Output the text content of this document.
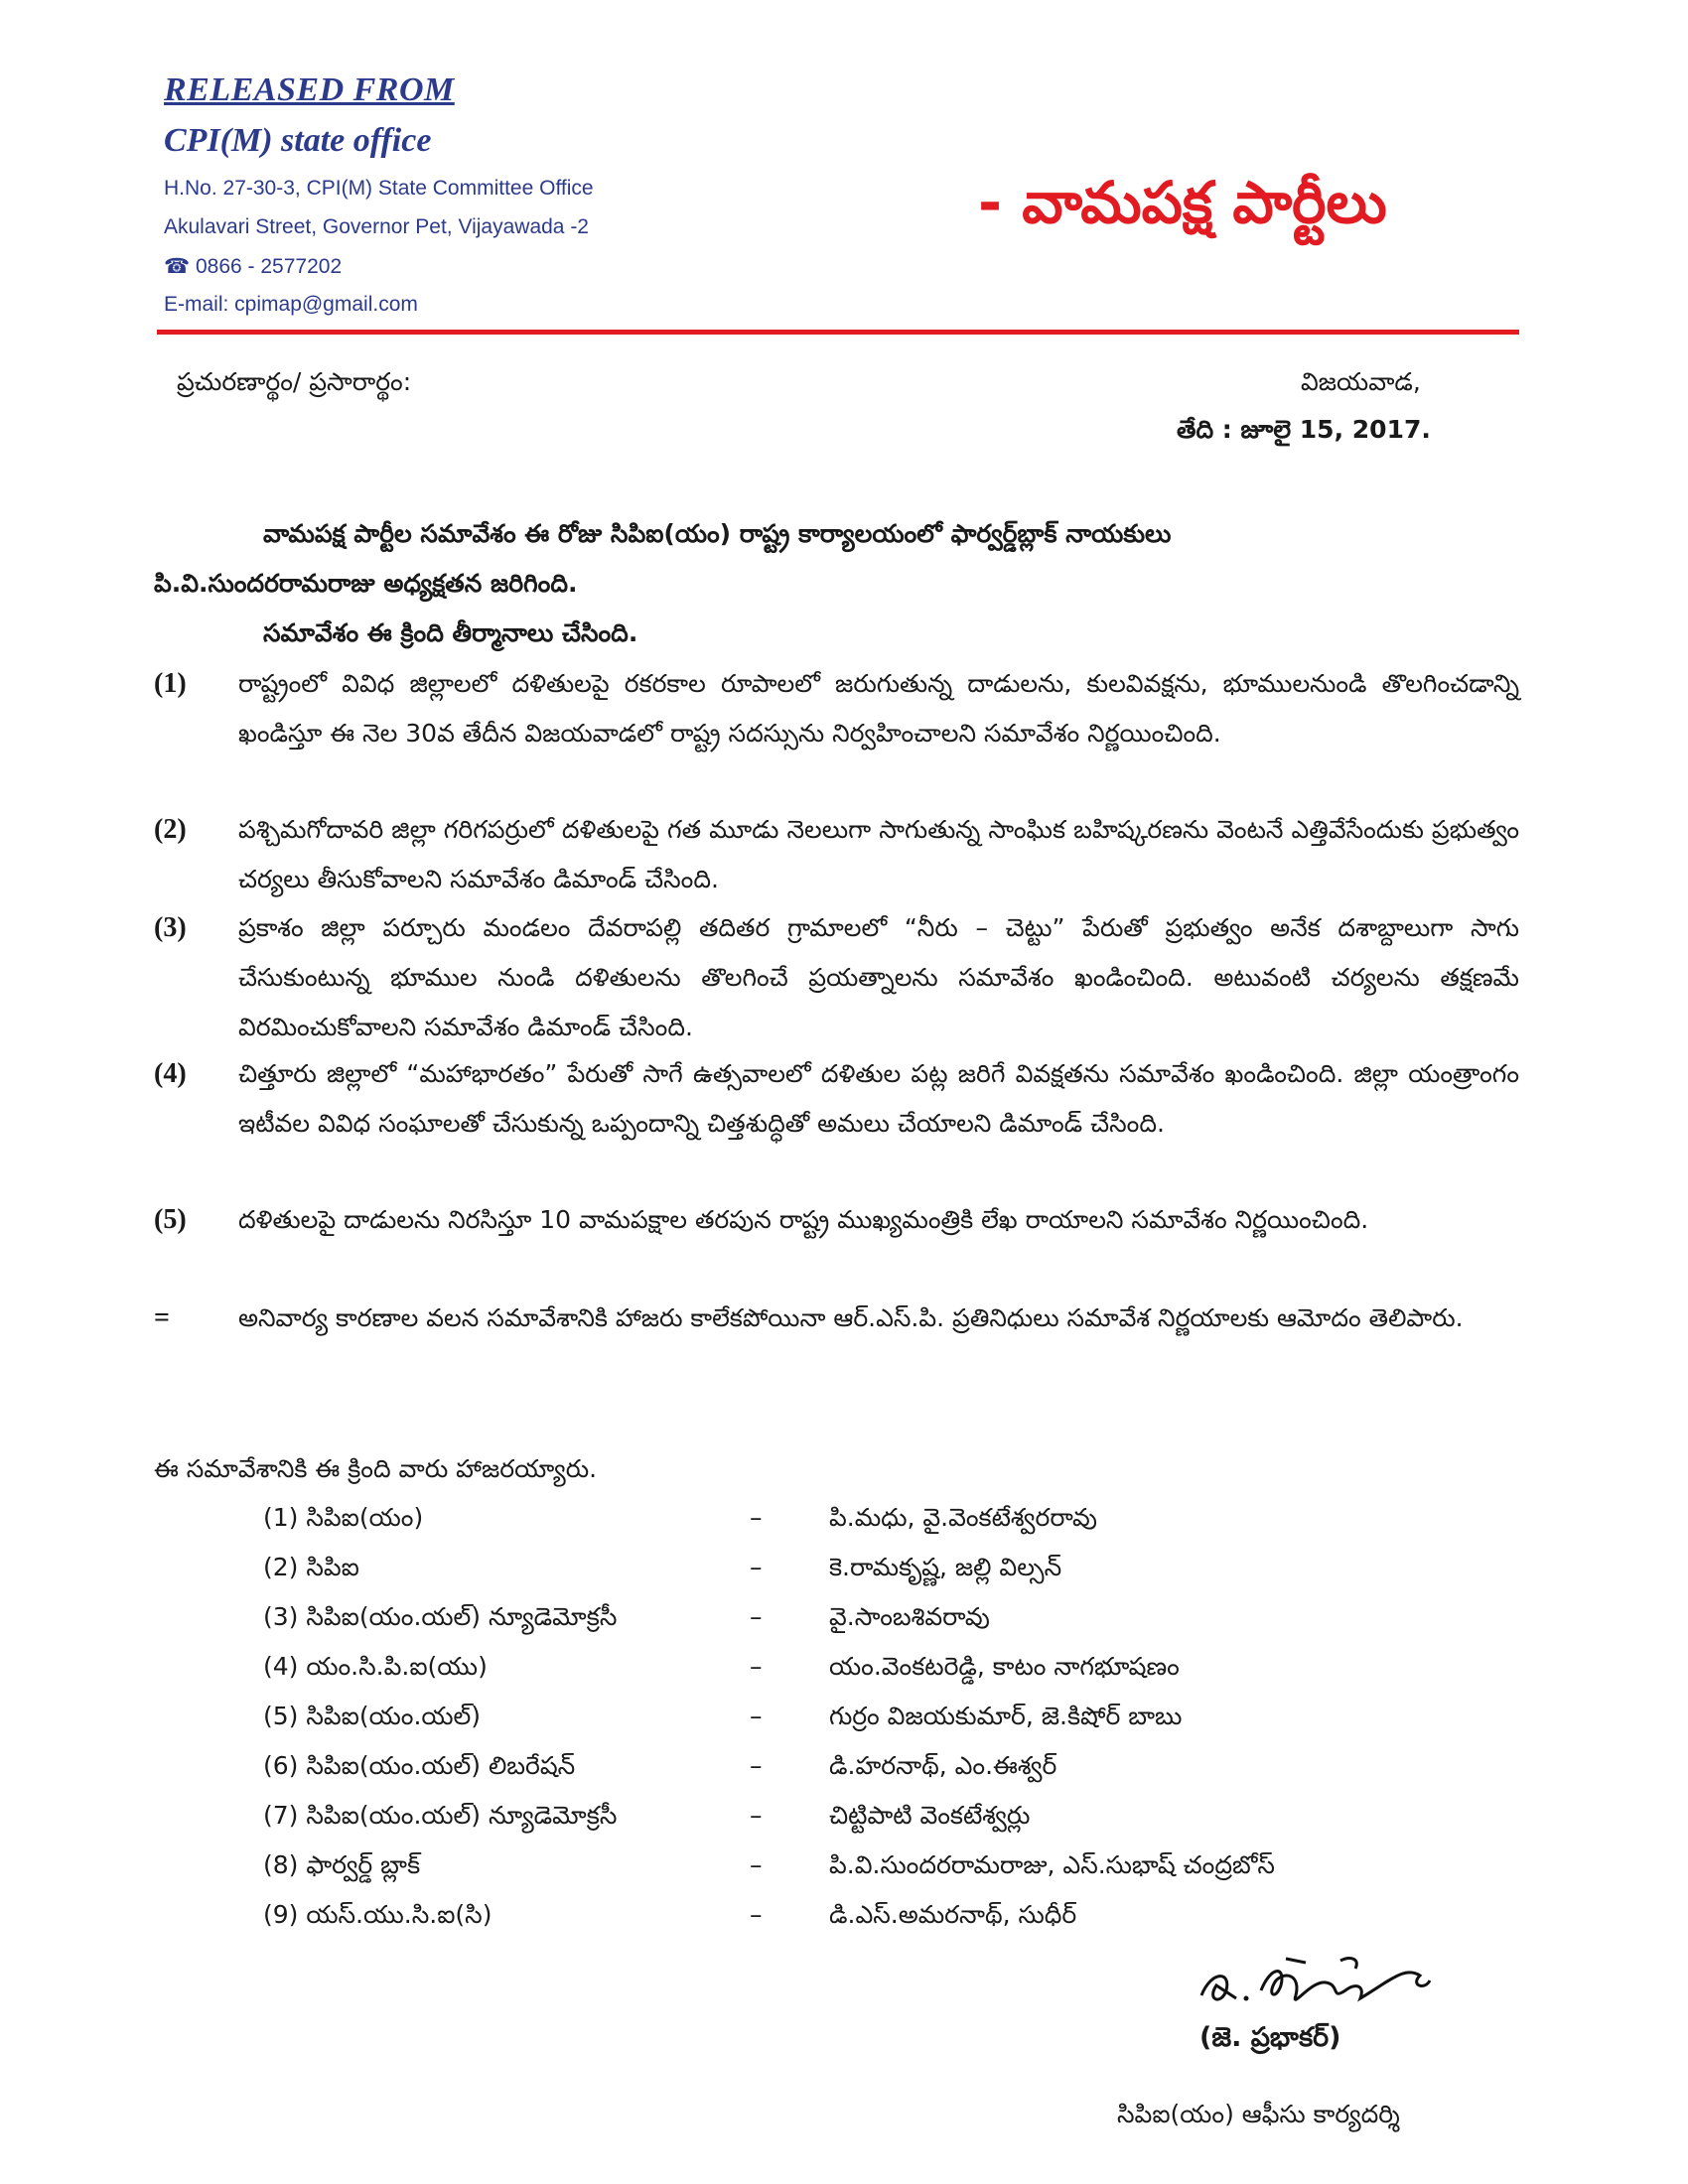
RELEASED FROM
CPI(M) state office
H.No. 27-30-3, CPI(M) State Committee Office
Akulavari Street, Governor Pet, Vijayawada -2
☎ 0866 - 2577202
E-mail: cpimap@gmail.com
- వామపక్ష పార్టీలు
ప్రచురణార్థం/ ప్రసారార్థం:	విజయవాడ,
తేది : జూలై 15, 2017.
వామపక్ష పార్టీల సమావేశం ఈ రోజు సిపిఐ(యం) రాష్ట్ర కార్యాలయంలో ఫార్వర్డ్‌బ్లాక్ నాయకులు
పి.వి.సుందరరామరాజు అధ్యక్షతన జరిగింది.
సమావేశం ఈ క్రింది తీర్మానాలు చేసింది.
(1) రాష్ట్రంలో వివిధ జిల్లాలలో దళితులపై రకరకాల రూపాలలో జరుగుతున్న దాడులను, కులవివక్షను, భూములనుండి తొలగించడాన్ని ఖండిస్తూ ఈ నెల 30వ తేదీన విజయవాడలో రాష్ట్ర సదస్సును నిర్వహించాలని సమావేశం నిర్ణయించింది.
(2) పశ్చిమగోదావరి జిల్లా గరిగపర్రులో దళితులపై గత మూడు నెలలుగా సాగుతున్న సాంఘిక బహిష్కరణను వెంటనే ఎత్తివేసేందుకు ప్రభుత్వం చర్యలు తీసుకోవాలని సమావేశం డిమాండ్ చేసింది.
(3) ప్రకాశం జిల్లా పర్చూరు మండలం దేవరాపల్లి తదితర గ్రామాలలో “నీరు – చెట్టు” పేరుతో ప్రభుత్వం అనేక దశాబ్దాలుగా సాగు చేసుకుంటున్న భూముల నుండి దళితులను తొలగించే ప్రయత్నాలను సమావేశం ఖండించింది. అటువంటి చర్యలను తక్షణమే విరమించుకోవాలని సమావేశం డిమాండ్ చేసింది.
(4) చిత్తూరు జిల్లాలో “మహాభారతం” పేరుతో సాగే ఉత్సవాలలో దళితుల పట్ల జరిగే వివక్షతను సమావేశం ఖండించింది. జిల్లా యంత్రాంగం ఇటీవల వివిధ సంఘాలతో చేసుకున్న ఒప్పందాన్ని చిత్తశుద్ధితో అమలు చేయాలని డిమాండ్ చేసింది.
(5) దళితులపై దాడులను నిరసిస్తూ 10 వామపక్షాల తరపున రాష్ట్ర ముఖ్యమంత్రికి లేఖ రాయాలని సమావేశం నిర్ణయించింది.
=	అనివార్య కారణాల వలన సమావేశానికి హాజరు కాలేకపోయినా ఆర్.ఎస్.పి. ప్రతినిధులు సమావేశ నిర్ణయాలకు ఆమోదం తెలిపారు.
ఈ సమావేశానికి ఈ క్రింది వారు హాజరయ్యారు.
(1) సిపిఐ(యం)	–	పి.మధు, వై.వెంకటేశ్వరరావు
(2) సిపిఐ	–	కె.రామకృష్ణ, జల్లి విల్సన్
(3) సిపిఐ(యం.యల్) న్యూడెమోక్రసీ	–	వై.సాంబశివరావు
(4) యం.సి.పి.ఐ(యు)	–	యం.వెంకటరెడ్డి, కాటం నాగభూషణం
(5) సిపిఐ(యం.యల్)	–	గుర్రం విజయకుమార్, జె.కిషోర్ బాబు
(6) సిపిఐ(యం.యల్) లిబరేషన్	–	డి.హరనాథ్, ఎం.ఈశ్వర్
(7) సిపిఐ(యం.యల్) న్యూడెమోక్రసీ	–	చిట్టిపాటి వెంకటేశ్వర్లు
(8) ఫార్వర్డ్ బ్లాక్	–	పి.వి.సుందరరామరాజు, ఎస్.సుభాష్ చంద్రబోస్
(9) యస్.యు.సి.ఐ(సి)	–	డి.ఎస్.అమరనాథ్, సుధీర్
(జె. ప్రభాకర్)
సిపిఐ(యం) ఆఫీసు కార్యదర్శి
